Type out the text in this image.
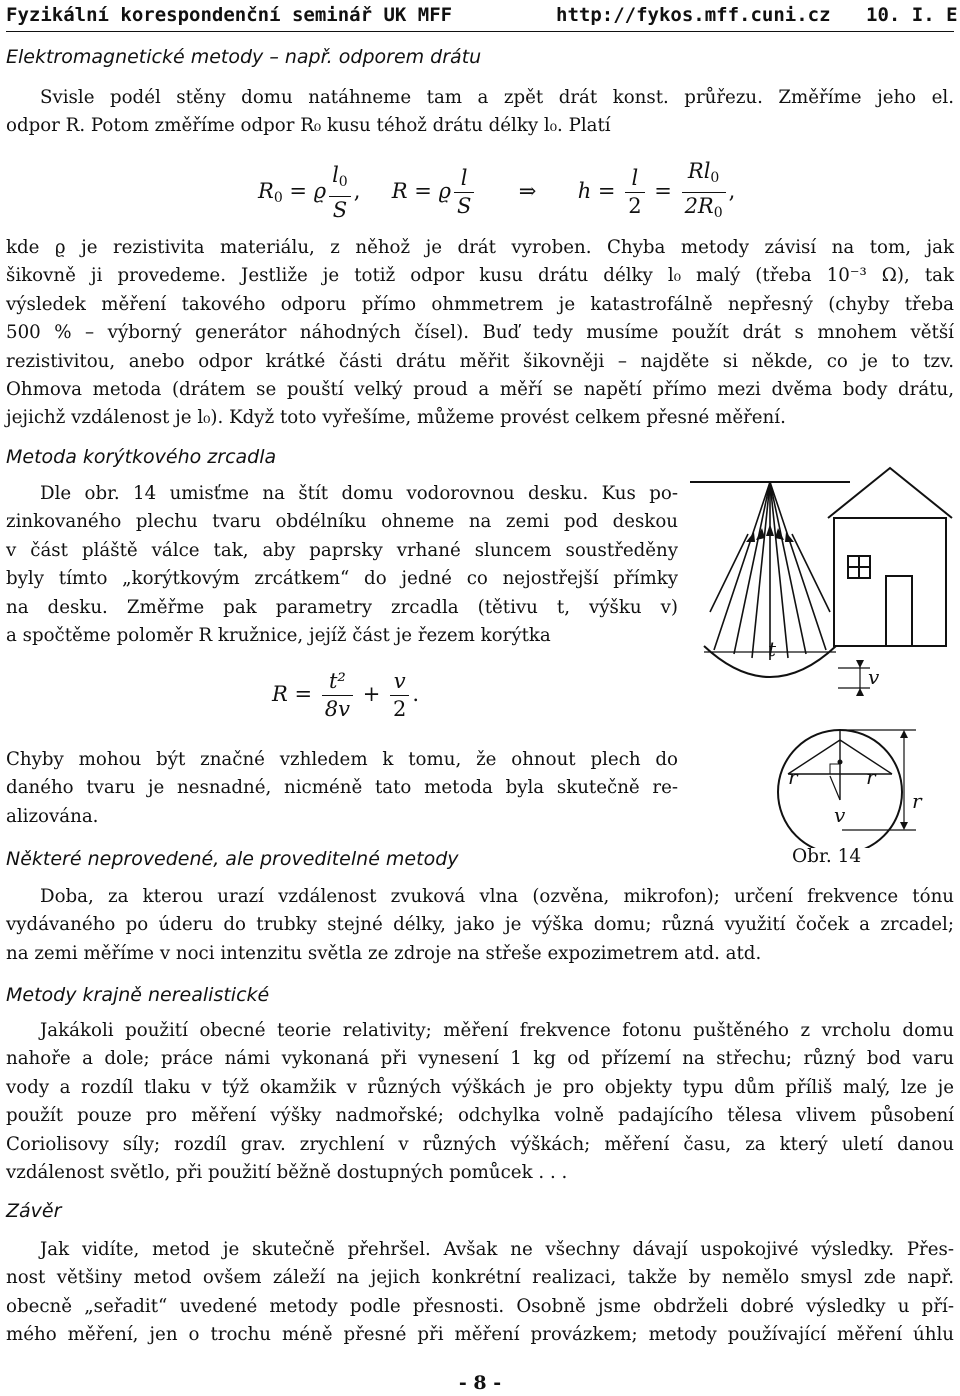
Fyzikální korespondenční seminář UK MFF	http://fykos.mff.cuni.cz 10. I. E
Elektromagnetické metody – např. odporem drátu
Svisle podél stěny domu natáhneme tam a zpět drát konst. průřezu. Změříme jeho el.
odpor R. Potom změříme odpor R₀ kusu téhož drátu délky l₀. Platí
$R_0 = ϱ \frac{l_0}{S}$ , R = ϱ $\frac{l}{S}$ ⇒ $h = \frac{l}{2} = \frac{Rl_0}{2R_0}$ ,
kde ϱ je rezistivita materiálu, z něhož je drát vyroben. Chyba metody závisí na tom, jak
šikovně ji provedeme. Jestliže je totiž odpor kusu drátu délky l₀ malý (třeba 10⁻³ Ω), tak
výsledek měření takového odporu přímo ohmmetrem je katastrofálně nepřesný (chyby třeba
500 % – výborný generátor náhodných čísel). Buď tedy musíme použít drát s mnohem větší
rezistivitou, anebo odpor krátké části drátu měřit šikovněji – najděte si někde, co je to tzv.
Ohmova metoda (drátem se pouští velký proud a měří se napětí přímo mezi dvěma body drátu,
jejichž vzdálenost je l₀). Když toto vyřešíme, můžeme provést celkem přesné měření.
Metoda korýtkového zrcadla
Dle obr. 14 umisťme na štít domu vodorovnou desku. Kus po-
zinkovaného plechu tvaru obdélníku ohneme na zemi pod deskou
v část pláště válce tak, aby paprsky vrhané sluncem soustředěny
byly tímto „korýtkovým zrcátkem“ do jedné co nejostřejší přímky
na desku. Změřme pak parametry zrcadla (tětivu t, výšku v)
a spočtěme poloměr R kružnice, jejíž část je řezem korýtka
$R = \frac{\text{t²}}{8v} + \frac{v}{2}$ .
Chyby mohou být značné vzhledem k tomu, že ohnout plech do
daného tvaru je nesnadné, nicméně tato metoda byla skutečně re-
alizována.
t
v
r	r
v
r
Obr. 14
Některé neprovedené, ale proveditelné metody
Doba, za kterou urazí vzdálenost zvuková vlna (ozvěna, mikrofon); určení frekvence tónu
vydávaného po úderu do trubky stejné délky, jako je výška domu; různá využití čoček a zrcadel;
na zemi měříme v noci intenzitu světla ze zdroje na střeše expozimetrem atd. atd.
Metody krajně nerealistické
Jakákoli použití obecné teorie relativity; měření frekvence fotonu puštěného z vrcholu domu
nahoře a dole; práce námi vykonaná při vynesení 1 kg od přízemí na střechu; různý bod varu
vody a rozdíl tlaku v týž okamžik v různých výškách je pro objekty typu dům příliš malý, lze je
použít pouze pro měření výšky nadmořské; odchylka volně padajícího tělesa vlivem působení
Coriolisovy síly; rozdíl grav. zrychlení v různých výškách; měření času, za který uletí danou
vzdálenost světlo, při použití běžně dostupných pomůcek . . .
Závěr
Jak vidíte, metod je skutečně přehršel. Avšak ne všechny dávají uspokojivé výsledky. Přes-
nost většiny metod ovšem záleží na jejich konkrétní realizaci, takže by nemělo smysl zde např.
obecně „seřadit“ uvedené metody podle přesnosti. Osobně jsme obdrželi dobré výsledky u pří-
mého měření, jen o trochu méně přesné při měření provázkem; metody používající měření úhlu
- 8 -
